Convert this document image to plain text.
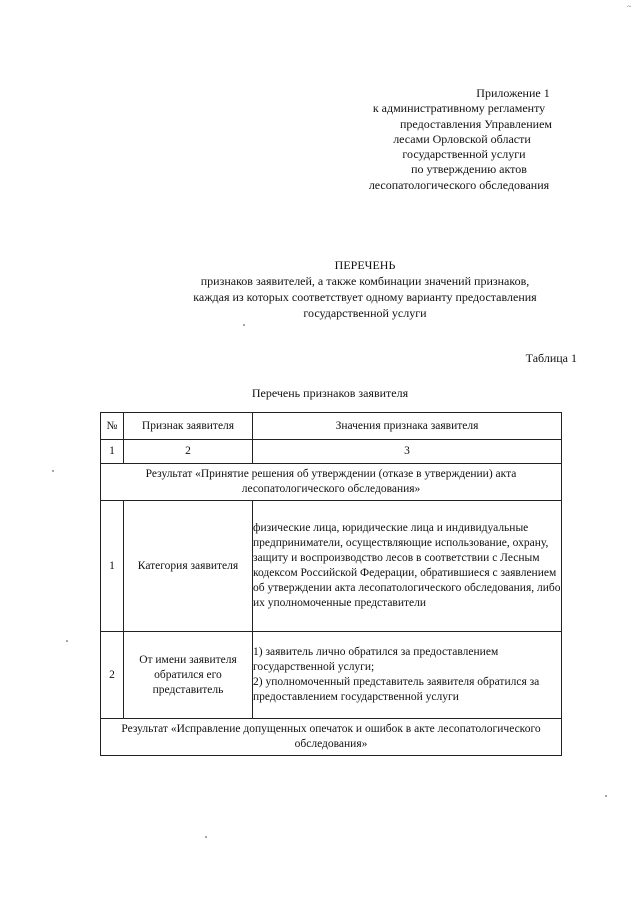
~
Приложение 1
к административному регламенту
предоставления Управлением
лесами Орловской области
государственной услуги
по утверждению актов
лесопатологического обследования
ПЕРЕЧЕНЬ
признаков заявителей, а также комбинации значений признаков,
каждая из которых соответствует одному варианту предоставления
государственной услуги
Таблица 1
Перечень признаков заявителя
№	Признак заявителя	Значения признака заявителя
1	2	3
Результат «Принятие решения об утверждении (отказе в утверждении) акта лесопатологического обследования»		
1	Категория заявителя	физические лица, юридические лица и индивидуальные предприниматели, осуществляющие использование, охрану, защиту и воспроизводство лесов в соответствии с Лесным кодексом Российской Федерации, обратившиеся с заявлением об утверждении акта лесопатологического обследования, либо их уполномоченные представители
2	От имени заявителя обратился его представитель	1) заявитель лично обратился за предоставлением государственной услуги;
2) уполномоченный представитель заявителя обратился за предоставлением государственной услуги

Результат «Исправление допущенных опечаток и ошибок в акте лесопатологического обследования»		
